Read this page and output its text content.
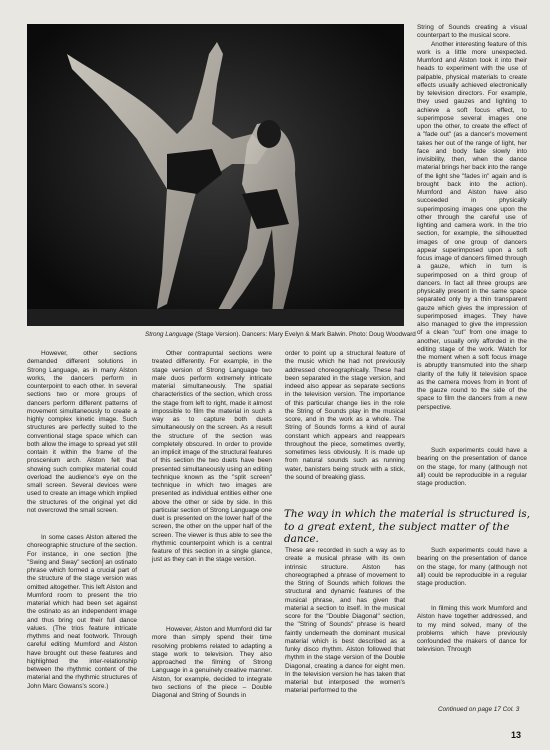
Strong Language (Stage Version). Dancers: Mary Evelyn & Mark Balwin. Photo: Doug Woodward

However, other sections demanded different solutions in Strong Language, as in many Alston works, the dancers perform in counterpoint to each other. In several sections two or more groups of dancers perform different patterns of movement simultaneously to create a highly complex kinetic image. Such structures are perfectly suited to the conventional stage space which can both allow the image to spread yet still contain it within the frame of the proscenium arch. Alston felt that showing such complex material could overload the audience's eye on the small screen. Several devices were used to create an image which implied the structures of the original yet did not overcrowd the small screen.

In some cases Alston altered the choreographic structure of the section. For instance, in one section [the "Swing and Sway" section] an ostinato phrase which formed a crucial part of the structure of the stage version was omitted altogether. This left Alston and Mumford room to present the trio material which had been set against the ostinato as an independent image and thus bring out their full dance values. (The trios feature intricate rhythms and neat footwork. Through careful editing Mumford and Alston have brought out these features and highlighted the inter-relationship between the rhythmic content of the material and the rhythmic structures of John Marc Gowans's score.)

Other contrapuntal sections were treated differently. For example, in the stage version of Strong Language two male duos perform extremely intricate material simultaneously. The spatial characteristics of the section, which cross the stage from left to right, made it almost impossible to film the material in such a way as to capture both duets simultaneously on the screen. As a result the structure of the section was completely obscured. In order to provide an implicit image of the structural features of this section the two duets have been presented simultaneously using an editing technique known as the "split screen" technique in which two images are presented as individual entities either one above the other or side by side. In this particular section of Strong Language one duet is presented on the lower half of the screen, the other on the upper half of the screen. The viewer is thus able to see the rhythmic counterpoint which is a central feature of this section in a single glance, just as they can in the stage version.

However, Alston and Mumford did far more than simply spend their time resolving problems related to adapting a stage work to television. They also approached the filming of Strong Language in a genuinely creative manner. Alston, for example, decided to integrate two sections of the piece – Double Diagonal and String of Sounds in

order to point up a structural feature of the music which he had not previously addressed choreographically. These had been separated in the stage version, and indeed also appear as separate sections in the television version. The importance of this particular change lies in the role the String of Sounds play in the musical score, and in the work as a whole. The String of Sounds forms a kind of aural constant which appears and reappears throughout the piece, sometimes overtly, sometimes less obviously. It is made up from natural sounds such as running water, banisters being struck with a stick, the sound of breaking glass.

The way in which the material is structured is, to a great extent, the subject matter of the dance.

These are recorded in such a way as to create a musical phrase with its own intrinsic structure. Alston has choreographed a phrase of movement to the String of Sounds which follows the structural and dynamic features of the musical phrase, and has given that material a section to itself. In the musical score for the "Double Diagonal" section, the "String of Sounds" phrase is heard faintly underneath the dominant musical material which is best described as a funky disco rhythm. Alston followed that rhythm in the stage version of the Double Diagonal, creating a dance for eight men. In the television version he has taken that material but interposed the women's material performed to the

String of Sounds creating a visual counterpart to the musical score.

Another interesting feature of this work is a little more unexpected. Mumford and Alston took it into their heads to experiment with the use of palpable, physical materials to create effects usually achieved electronically by television directors. For example, they used gauzes and lighting to achieve a soft focus effect, to superimpose several images one upon the other, to create the effect of a "fade out" (as a dancer's movement takes her out of the range of light, her face and body fade slowly into invisibility, then, when the dance material brings her back into the range of the light she "fades in" again and is brought back into the action). Mumford and Alston have also succeeded in physically superimposing images one upon the other through the careful use of lighting and camera work. In the trio section, for example, the silhouetted images of one group of dancers appear superimposed upon a soft focus image of dancers filmed through a gauze, which in turn is superimposed on a third group of dancers. In fact all three groups are physically present in the same space separated only by a thin transparent gauze which gives the impression of superimposed images. They have also managed to give the impression of a clean "cut" from one image to another, usually only afforded in the editing stage of the work. Watch for the moment when a soft focus image is abruptly transmuted into the sharp clarity of the fully lit television space as the camera moves from in front of the gauze round to the side of the space to film the dancers from a new perspective.

Such experiments could have a bearing on the presentation of dance on the stage, for many (although not all) could be reproducible in a regular stage production.

Such experiments could have a bearing on the presentation of dance on the stage, for many (although not all) could be reproducible in a regular stage production.

In filming this work Mumford and Alston have together addressed, and to my mind solved, many of the problems which have previously confounded the makers of dance for television. Through

Continued on page 17 Col. 3
13
